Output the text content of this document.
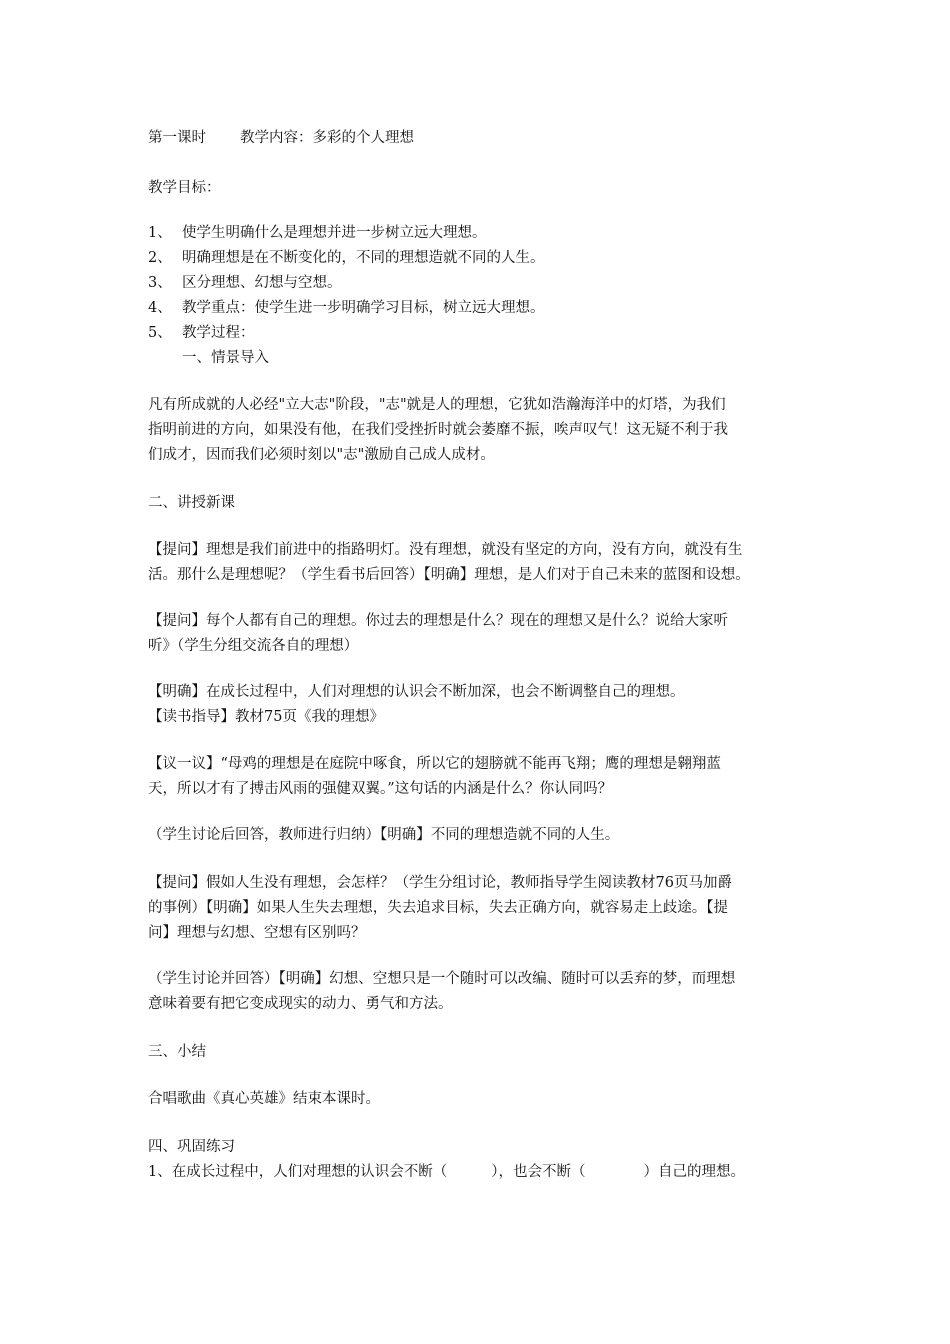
第一课时 教学内容：多彩的个人理想
教学目标：
1、 使学生明确什么是理想并进一步树立远大理想。
2、 明确理想是在不断变化的，不同的理想造就不同的人生。
3、 区分理想、幻想与空想。
4、 教学重点：使学生进一步明确学习目标，树立远大理想。
5、 教学过程：
一、情景导入
凡有所成就的人必经"立大志"阶段，"志"就是人的理想，它犹如浩瀚海洋中的灯塔，为我们
指明前进的方向，如果没有他，在我们受挫折时就会萎靡不振，唉声叹气！这无疑不利于我
们成才，因而我们必须时刻以"志"激励自己成人成材。
二、讲授新课
【提问】理想是我们前进中的指路明灯。没有理想，就没有坚定的方向，没有方向，就没有生
活。那什么是理想呢？（学生看书后回答）【明确】理想，是人们对于自己未来的蓝图和设想。
【提问】每个人都有自己的理想。你过去的理想是什么？现在的理想又是什么？说给大家听
听》（学生分组交流各自的理想）
【明确】在成长过程中，人们对理想的认识会不断加深，也会不断调整自己的理想。
【读书指导】教材75页《我的理想》
【议一议】“母鸡的理想是在庭院中啄食，所以它的翅膀就不能再飞翔；鹰的理想是翱翔蓝
天，所以才有了搏击风雨的强健双翼。”这句话的内涵是什么？你认同吗？
（学生讨论后回答，教师进行归纳）【明确】不同的理想造就不同的人生。
【提问】假如人生没有理想，会怎样？（学生分组讨论，教师指导学生阅读教材76页马加爵
的事例）【明确】如果人生失去理想，失去追求目标，失去正确方向，就容易走上歧途。【提
问】理想与幻想、空想有区别吗？
（学生讨论并回答）【明确】幻想、空想只是一个随时可以改编、随时可以丢弃的梦，而理想
意味着要有把它变成现实的动力、勇气和方法。
三、小结
合唱歌曲《真心英雄》结束本课时。
四、巩固练习
1、在成长过程中，人们对理想的认识会不断（	），也会不断（	）自己的理想。
